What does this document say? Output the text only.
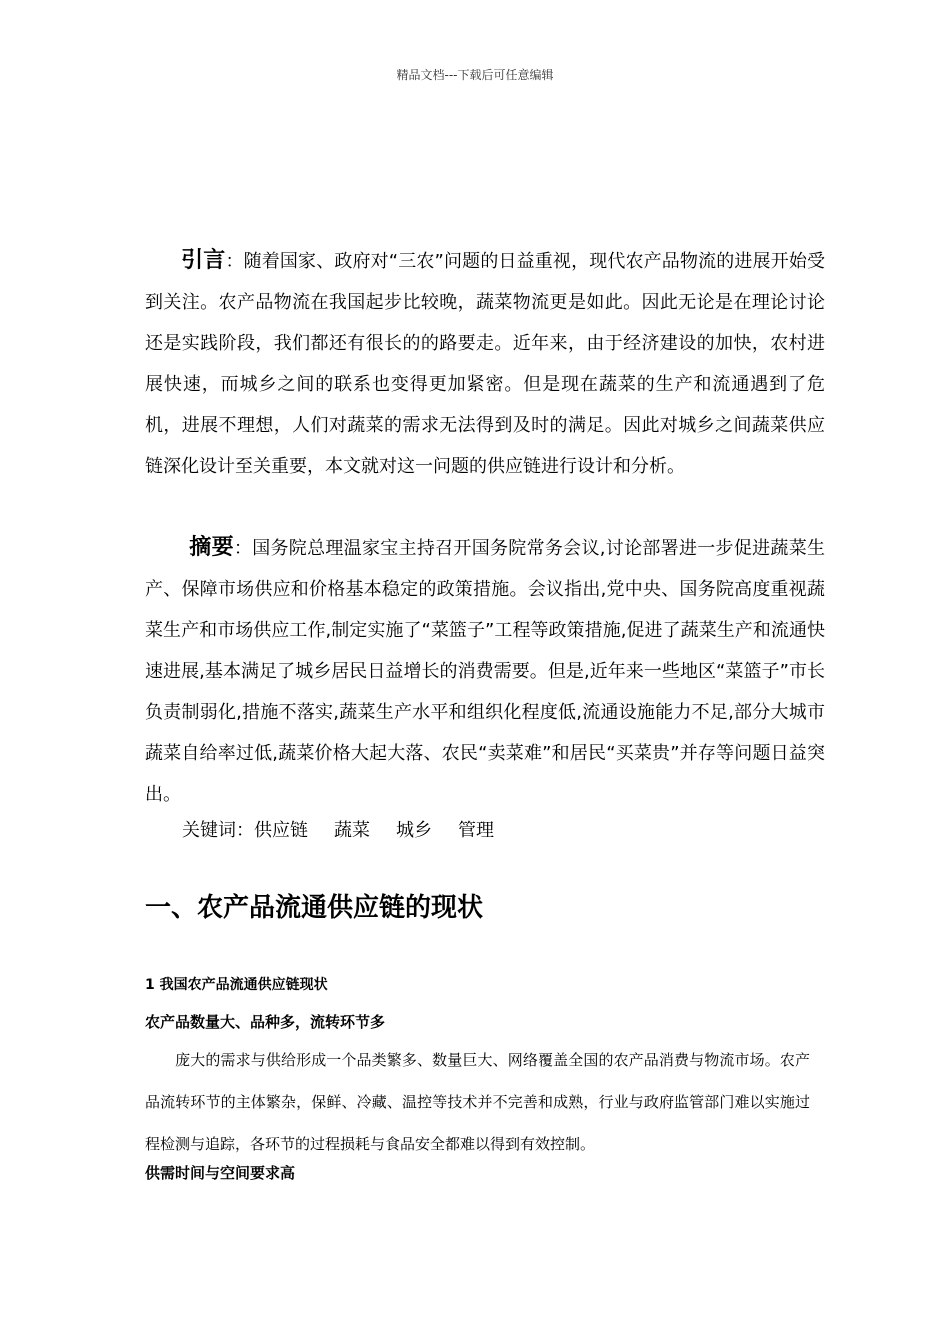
精品文档---下载后可任意编辑
引言：随着国家、政府对“三农”问题的日益重视，现代农产品物流的进展开始受到关注。农产品物流在我国起步比较晚，蔬菜物流更是如此。因此无论是在理论讨论还是实践阶段，我们都还有很长的的路要走。近年来，由于经济建设的加快，农村进展快速，而城乡之间的联系也变得更加紧密。但是现在蔬菜的生产和流通遇到了危机，进展不理想，人们对蔬菜的需求无法得到及时的满足。因此对城乡之间蔬菜供应链深化设计至关重要，本文就对这一问题的供应链进行设计和分析。
摘要：国务院总理温家宝主持召开国务院常务会议,讨论部署进一步促进蔬菜生产、保障市场供应和价格基本稳定的政策措施。会议指出,党中央、国务院高度重视蔬菜生产和市场供应工作,制定实施了“菜篮子”工程等政策措施,促进了蔬菜生产和流通快速进展,基本满足了城乡居民日益增长的消费需要。但是,近年来一些地区“菜篮子”市长负责制弱化,措施不落实,蔬菜生产水平和组织化程度低,流通设施能力不足,部分大城市蔬菜自给率过低,蔬菜价格大起大落、农民“卖菜难”和居民“买菜贵”并存等问题日益突出。
关键词：供应链 蔬菜 城乡 管理
一、农产品流通供应链的现状
1 我国农产品流通供应链现状
农产品数量大、品种多，流转环节多
庞大的需求与供给形成一个品类繁多、数量巨大、网络覆盖全国的农产品消费与物流市场。农产品流转环节的主体繁杂，保鲜、冷藏、温控等技术并不完善和成熟，行业与政府监管部门难以实施过程检测与追踪，各环节的过程损耗与食品安全都难以得到有效控制。
供需时间与空间要求高
